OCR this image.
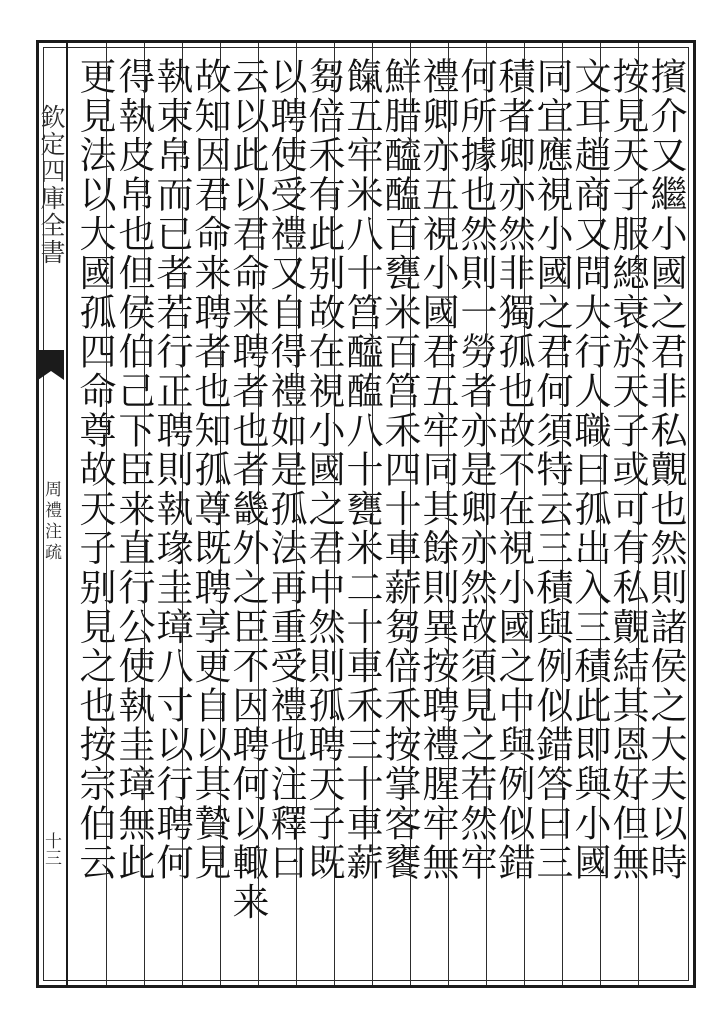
欽定四庫全書
周禮注疏
十三 更見法以大國孤四命尊故天子别見之也按宗伯云
得執皮帛也但侯伯己下臣来直行公使執圭璋無此
執束帛而已者若行正聘則執瑑圭璋八寸以行聘何
故知因君命来聘者也知孤尊既聘享更自以其贄見
云以此以君命来聘者也者畿外之臣不因聘何以輙来
以聘使受禮又自得禮如是孤法再重受禮也注釋曰
芻倍禾有此别故在視小國之君中然則孤聘天子既
餼五牢米八十筥醯醢八十甕米二十車禾三十車薪
鮮腊醯醢百甕米百筥禾四十車薪芻倍禾按掌客饔
禮卿亦五視小國君五牢同其餘則異按聘禮腥牢無
何所據也然則一勞者亦是卿亦然故須見之若然牢
積者卿亦然非獨孤也故不在視小國之中與例似錯
同宜應視小國之君何須特云三積與例似錯答曰三
文耳趙商又問大行人職曰孤出入三積此即與小國
按見天子服總衰於天子或可有私覿結其恩好但無
擯介又繼小國之君非私覿也然則諸侯之大夫以時
